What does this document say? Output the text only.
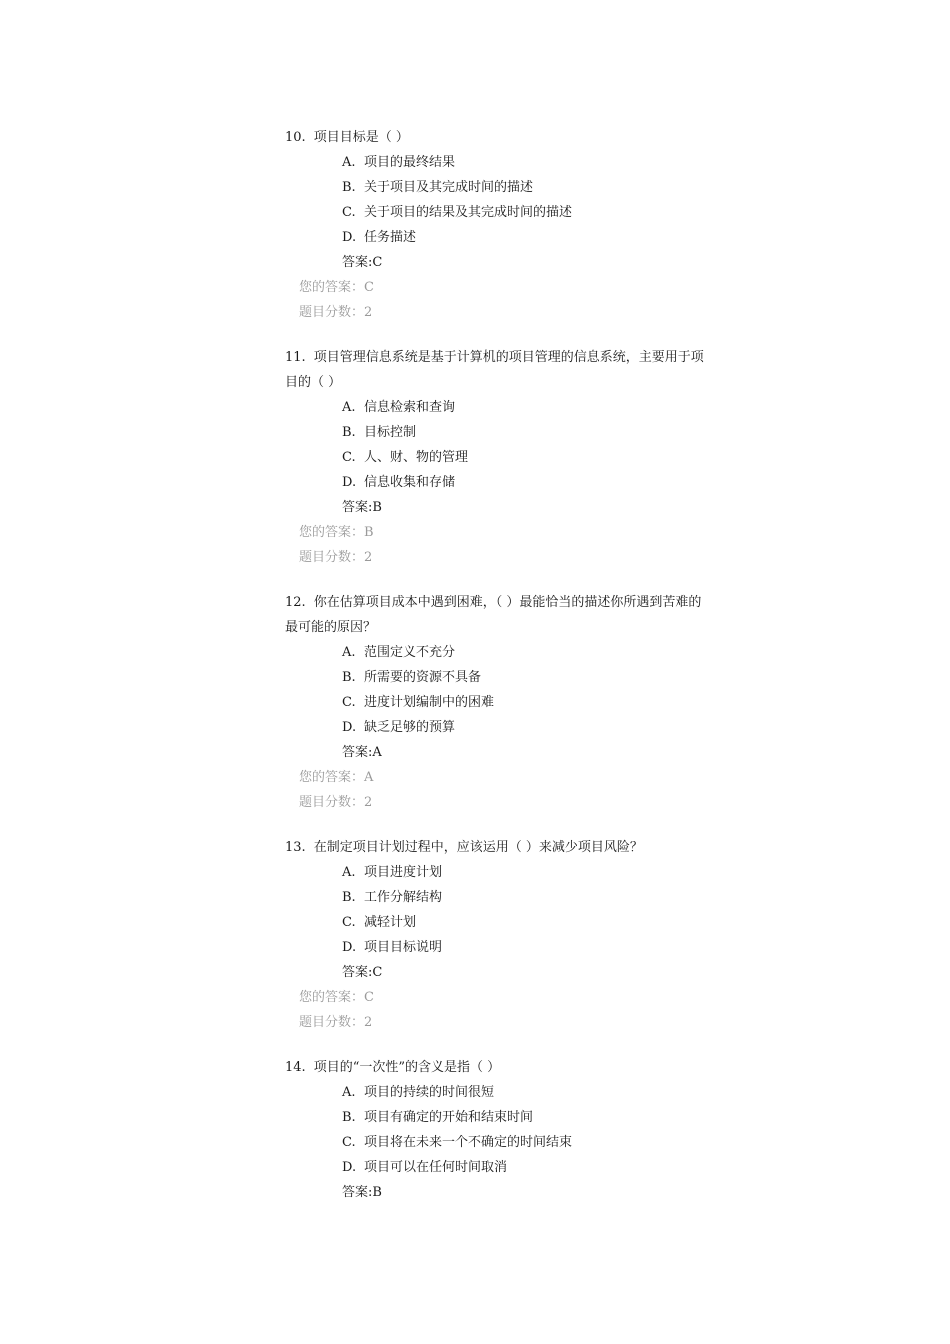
10. 项目目标是（ ）
A. 项目的最终结果
B. 关于项目及其完成时间的描述
C. 关于项目的结果及其完成时间的描述
D. 任务描述
答案:C
您的答案：C
题目分数：2
11. 项目管理信息系统是基于计算机的项目管理的信息系统，主要用于项目的（ ）
A. 信息检索和查询
B. 目标控制
C. 人、财、物的管理
D. 信息收集和存储
答案:B
您的答案：B
题目分数：2
12. 你在估算项目成本中遇到困难，（ ）最能恰当的描述你所遇到苦难的最可能的原因？
A. 范围定义不充分
B. 所需要的资源不具备
C. 进度计划编制中的困难
D. 缺乏足够的预算
答案:A
您的答案：A
题目分数：2
13. 在制定项目计划过程中，应该运用（ ）来减少项目风险？
A. 项目进度计划
B. 工作分解结构
C. 减轻计划
D. 项目目标说明
答案:C
您的答案：C
题目分数：2
14. 项目的“一次性”的含义是指（ ）
A. 项目的持续的时间很短
B. 项目有确定的开始和结束时间
C. 项目将在未来一个不确定的时间结束
D. 项目可以在任何时间取消
答案:B
